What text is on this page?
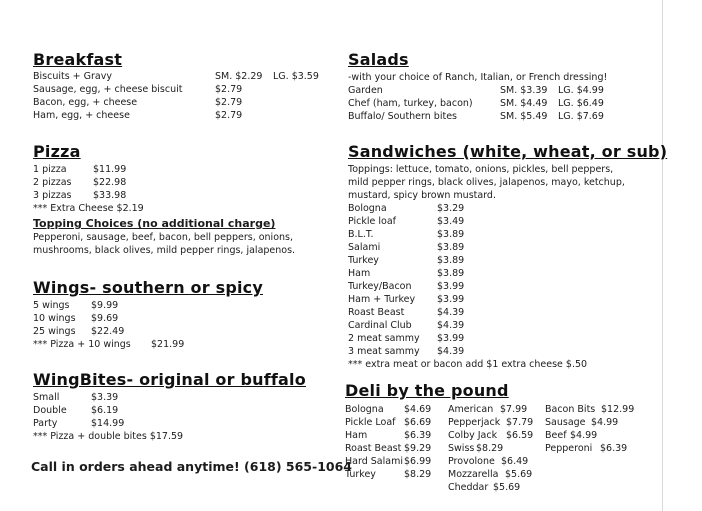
Breakfast
Biscuits + Gravy	SM. $2.29 LG. $3.59
Sausage, egg, + cheese biscuit	$2.79
Bacon, egg, + cheese	$2.79
Ham, egg, + cheese	$2.79
Pizza
1 pizza	$11.99
2 pizzas $22.98
3 pizzas $33.98
*** Extra Cheese $2.19
Topping Choices (no additional charge)
Pepperoni, sausage, beef, bacon, bell peppers, onions,
mushrooms, black olives, mild pepper rings, jalapenos.
Wings- southern or spicy
5 wings $9.99
10 wings $9.69
25 wings $22.49
*** Pizza + 10 wings $21.99
WingBites- original or buffalo
Small	$3.39
Double	$6.19
Party	$14.99
*** Pizza + double bites $17.59
Call in orders ahead anytime! (618) 565-1064
Salads
-with your choice of Ranch, Italian, or French dressing!
Garden	SM. $3.39 LG. $4.99
Chef (ham, turkey, bacon)	SM. $4.49 LG. $6.49
Buffalo/ Southern bites	SM. $5.49 LG. $7.69
Sandwiches (white, wheat, or sub)
Toppings: lettuce, tomato, onions, pickles, bell peppers,
mild pepper rings, black olives, jalapenos, mayo, ketchup,
mustard, spicy brown mustard.
Bologna	$3.29
Pickle loaf	$3.49
B.L.T.	$3.89
Salami	$3.89
Turkey	$3.89
Ham	$3.89
Turkey/Bacon	$3.99
Ham + Turkey $3.99
Roast Beast	$4.39
Cardinal Club	$4.39
2 meat sammy $3.99
3 meat sammy $4.39
*** extra meat or bacon add $1 extra cheese $.50
Deli by the pound
Bologna $4.69
Pickle Loaf $6.69
Ham	$6.39
Roast Beast $9.29
Hard Salami $6.99
Turkey	$8.29
American $7.99
Pepperjack $7.79
Colby Jack $6.59
Swiss $8.29
Provolone $6.49
Mozzarella $5.69
Cheddar $5.69
Bacon Bits $12.99
Sausage $4.99
Beef $4.99
Pepperoni $6.39
